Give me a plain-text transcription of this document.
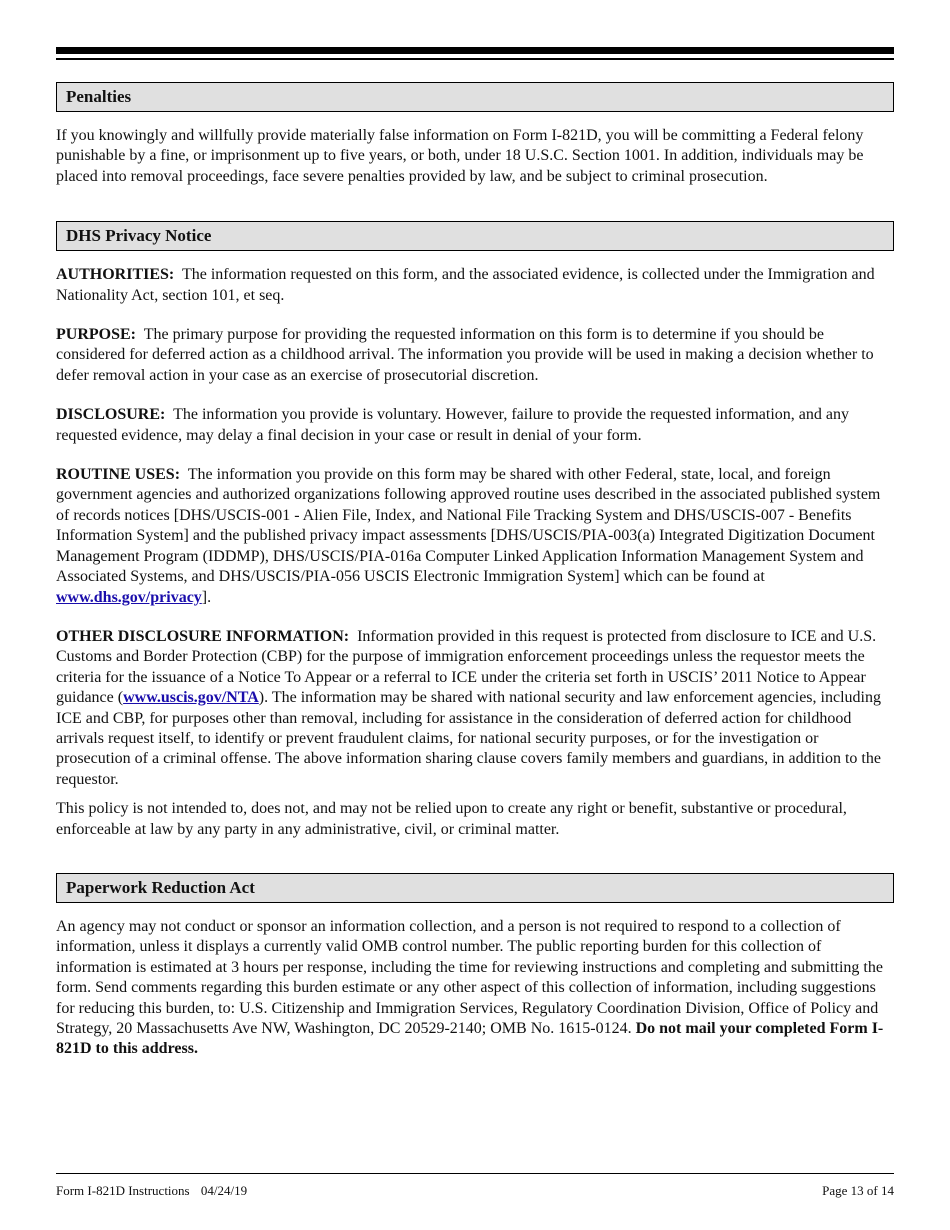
Penalties

If you knowingly and willfully provide materially false information on Form I-821D, you will be committing a Federal felony punishable by a fine, or imprisonment up to five years, or both, under 18 U.S.C. Section 1001. In addition, individuals may be placed into removal proceedings, face severe penalties provided by law, and be subject to criminal prosecution.

DHS Privacy Notice

AUTHORITIES: The information requested on this form, and the associated evidence, is collected under the Immigration and Nationality Act, section 101, et seq.

PURPOSE: The primary purpose for providing the requested information on this form is to determine if you should be considered for deferred action as a childhood arrival. The information you provide will be used in making a decision whether to defer removal action in your case as an exercise of prosecutorial discretion.

DISCLOSURE: The information you provide is voluntary. However, failure to provide the requested information, and any requested evidence, may delay a final decision in your case or result in denial of your form.

ROUTINE USES: The information you provide on this form may be shared with other Federal, state, local, and foreign government agencies and authorized organizations following approved routine uses described in the associated published system of records notices [DHS/USCIS-001 - Alien File, Index, and National File Tracking System and DHS/USCIS-007 - Benefits Information System] and the published privacy impact assessments [DHS/USCIS/PIA-003(a) Integrated Digitization Document Management Program (IDDMP), DHS/USCIS/PIA-016a Computer Linked Application Information Management System and Associated Systems, and DHS/USCIS/PIA-056 USCIS Electronic Immigration System] which can be found at www.dhs.gov/privacy].

OTHER DISCLOSURE INFORMATION: Information provided in this request is protected from disclosure to ICE and U.S. Customs and Border Protection (CBP) for the purpose of immigration enforcement proceedings unless the requestor meets the criteria for the issuance of a Notice To Appear or a referral to ICE under the criteria set forth in USCIS’ 2011 Notice to Appear guidance (www.uscis.gov/NTA). The information may be shared with national security and law enforcement agencies, including ICE and CBP, for purposes other than removal, including for assistance in the consideration of deferred action for childhood arrivals request itself, to identify or prevent fraudulent claims, for national security purposes, or for the investigation or prosecution of a criminal offense. The above information sharing clause covers family members and guardians, in addition to the requestor.

This policy is not intended to, does not, and may not be relied upon to create any right or benefit, substantive or procedural, enforceable at law by any party in any administrative, civil, or criminal matter.

Paperwork Reduction Act

An agency may not conduct or sponsor an information collection, and a person is not required to respond to a collection of information, unless it displays a currently valid OMB control number. The public reporting burden for this collection of information is estimated at 3 hours per response, including the time for reviewing instructions and completing and submitting the form. Send comments regarding this burden estimate or any other aspect of this collection of information, including suggestions for reducing this burden, to: U.S. Citizenship and Immigration Services, Regulatory Coordination Division, Office of Policy and Strategy, 20 Massachusetts Ave NW, Washington, DC 20529-2140; OMB No. 1615-0124. Do not mail your completed Form I-821D to this address.

Form I-821D Instructions 04/24/19	Page 13 of 14
